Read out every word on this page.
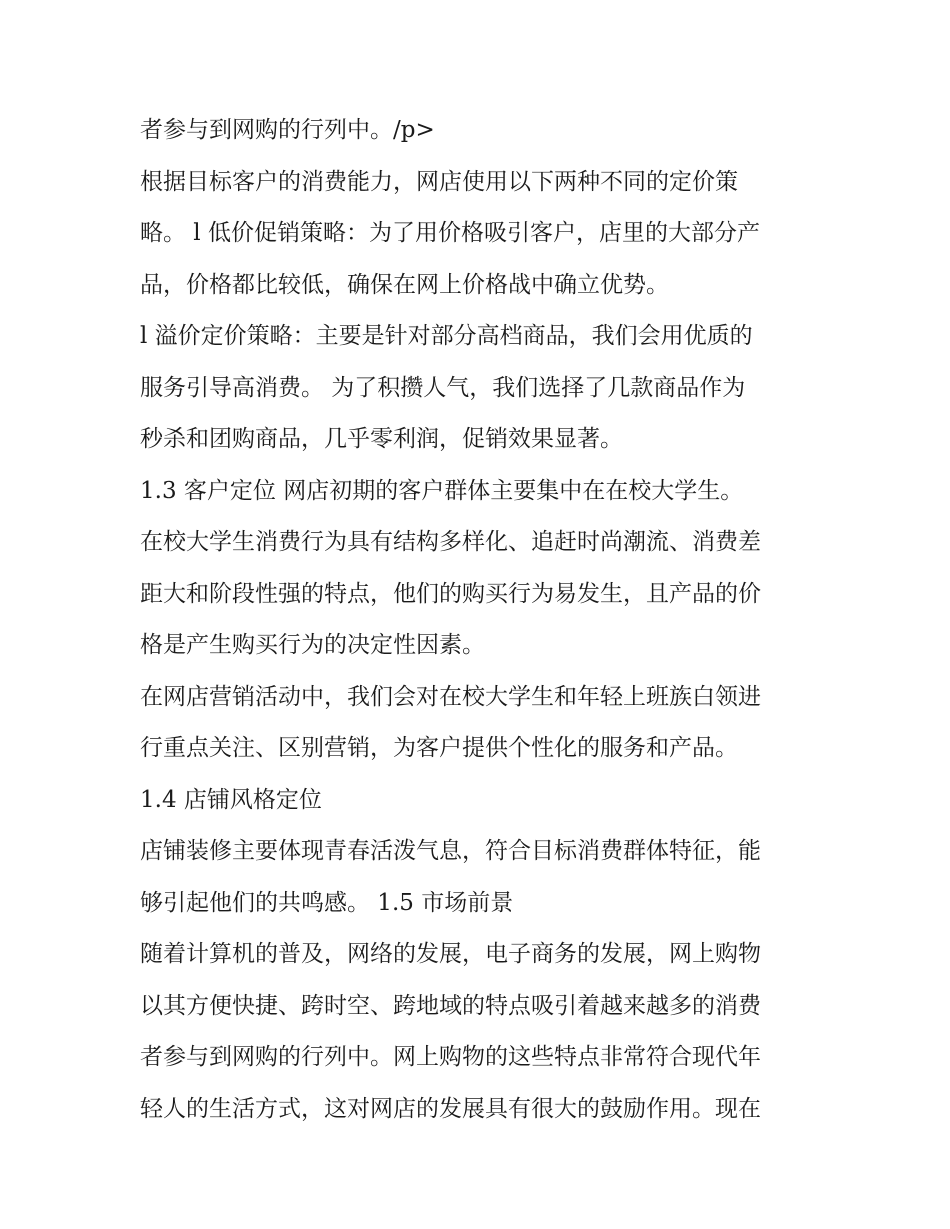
者参与到网购的行列中。/p>
根据目标客户的消费能力，网店使用以下两种不同的定价策
略。 l 低价促销策略：为了用价格吸引客户，店里的大部分产
品，价格都比较低，确保在网上价格战中确立优势。
l 溢价定价策略：主要是针对部分高档商品，我们会用优质的
服务引导高消费。 为了积攒人气，我们选择了几款商品作为
秒杀和团购商品，几乎零利润，促销效果显著。
1.3 客户定位 网店初期的客户群体主要集中在在校大学生。
在校大学生消费行为具有结构多样化、追赶时尚潮流、消费差
距大和阶段性强的特点，他们的购买行为易发生，且产品的价
格是产生购买行为的决定性因素。
在网店营销活动中，我们会对在校大学生和年轻上班族白领进
行重点关注、区别营销，为客户提供个性化的服务和产品。
1.4 店铺风格定位
店铺装修主要体现青春活泼气息，符合目标消费群体特征，能
够引起他们的共鸣感。 1.5 市场前景
随着计算机的普及，网络的发展，电子商务的发展，网上购物
以其方便快捷、跨时空、跨地域的特点吸引着越来越多的消费
者参与到网购的行列中。网上购物的这些特点非常符合现代年
轻人的生活方式，这对网店的发展具有很大的鼓励作用。现在
